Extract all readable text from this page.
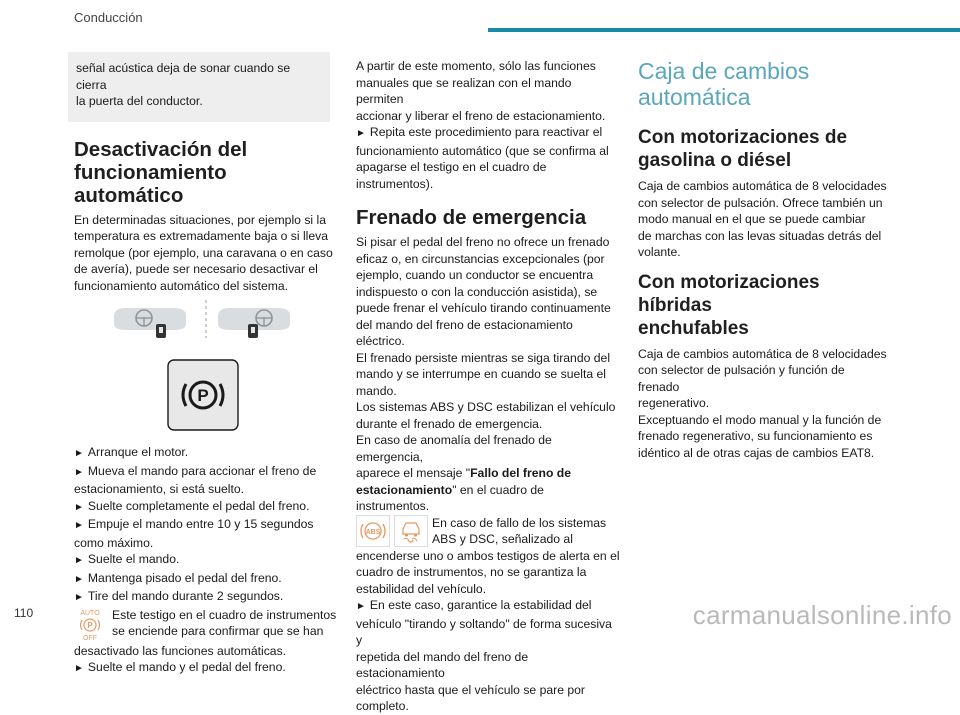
Conducción

señal acústica deja de sonar cuando se cierra

la puerta del conductor.

Desactivación del
funcionamiento automático

En determinadas situaciones, por ejemplo si la

temperatura es extremadamente baja o si lleva

remolque (por ejemplo, una caravana o en caso

de avería), puede ser necesario desactivar el

funcionamiento automático del sistema.

P

► Arranque el motor.

► Mueva el mando para accionar el freno de

estacionamiento, si está suelto.

► Suelte completamente el pedal del freno.

► Empuje el mando entre 10 y 15 segundos

como máximo.

► Suelte el mando.

► Mantenga pisado el pedal del freno.

► Tire del mando durante 2 segundos.

AUTO
P
OFF

Este testigo en el cuadro de instrumentos

se enciende para confirmar que se han

desactivado las funciones automáticas.

► Suelte el mando y el pedal del freno.

A partir de este momento, sólo las funciones

manuales que se realizan con el mando permiten

accionar y liberar el freno de estacionamiento.

► Repita este procedimiento para reactivar el

funcionamiento automático (que se confirma al

apagarse el testigo en el cuadro de instrumentos).

Frenado de emergencia

Si pisar el pedal del freno no ofrece un frenado

eficaz o, en circunstancias excepcionales (por

ejemplo, cuando un conductor se encuentra

indispuesto o con la conducción asistida), se

puede frenar el vehículo tirando continuamente

del mando del freno de estacionamiento eléctrico.

El frenado persiste mientras se siga tirando del

mando y se interrumpe en cuando se suelta el

mando.

Los sistemas ABS y DSC estabilizan el vehículo

durante el frenado de emergencia.

En caso de anomalía del frenado de emergencia,

aparece el mensaje "Fallo del freno de

estacionamiento" en el cuadro de instrumentos.

ABS

En caso de fallo de los sistemas

ABS y DSC, señalizado al

encenderse uno o ambos testigos de alerta en el

cuadro de instrumentos, no se garantiza la

estabilidad del vehículo.

► En este caso, garantice la estabilidad del

vehículo "tirando y soltando" de forma sucesiva y

repetida del mando del freno de estacionamiento

eléctrico hasta que el vehículo se pare por

completo.

Caja de cambios
automática
Con motorizaciones de
gasolina o diésel

Caja de cambios automática de 8 velocidades

con selector de pulsación. Ofrece también un

modo manual en el que se puede cambiar

de marchas con las levas situadas detrás del

volante.

Con motorizaciones híbridas
enchufables

Caja de cambios automática de 8 velocidades

con selector de pulsación y función de frenado

regenerativo.

Exceptuando el modo manual y la función de

frenado regenerativo, su funcionamiento es

idéntico al de otras cajas de cambios EAT8.

110	carmanualsonline.info
